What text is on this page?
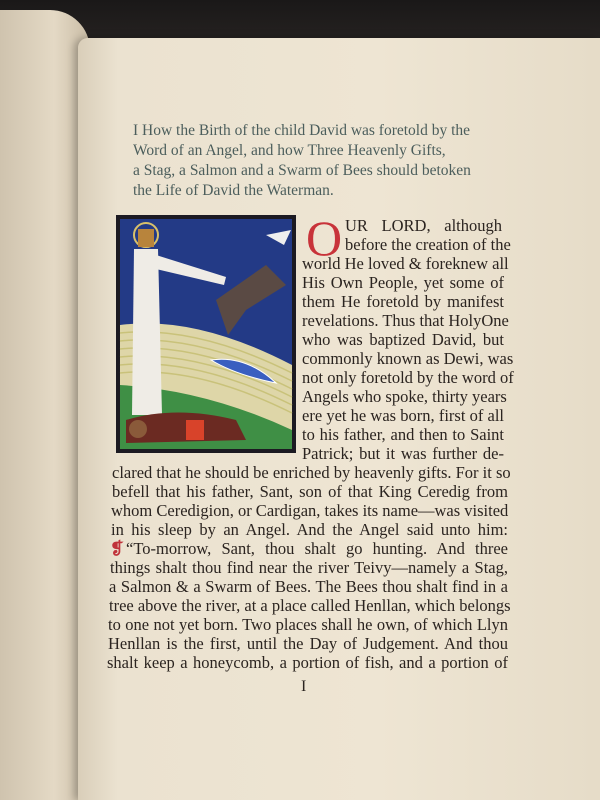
I How the Birth of the child David was foretold by the
Word of an Angel, and how Three Heavenly Gifts,
a Stag, a Salmon and a Swarm of Bees should betoken
the Life of David the Waterman.
O UR LORD, although
before the creation of the
world He loved & foreknew all
His Own People, yet some of
them He foretold by manifest
revelations. Thus that HolyOne
who was baptized David, but
commonly known as Dewi, was
not only foretold by the word of
Angels who spoke, thirty years
ere yet he was born, first of all
to his father, and then to Saint
Patrick; but it was further de-
clared that he should be enriched by heavenly gifts. For it so
befell that his father, Sant, son of that King Ceredig from
whom Ceredigion, or Cardigan, takes its name—was visited
in his sleep by an Angel. And the Angel said unto him:
❡ “To-morrow, Sant, thou shalt go hunting. And three
things shalt thou find near the river Teivy—namely a Stag,
a Salmon & a Swarm of Bees. The Bees thou shalt find in a
tree above the river, at a place called Henllan, which belongs
to one not yet born. Two places shall he own, of which Llyn
Henllan is the first, until the Day of Judgement. And thou
shalt keep a honeycomb, a portion of fish, and a portion of
I
